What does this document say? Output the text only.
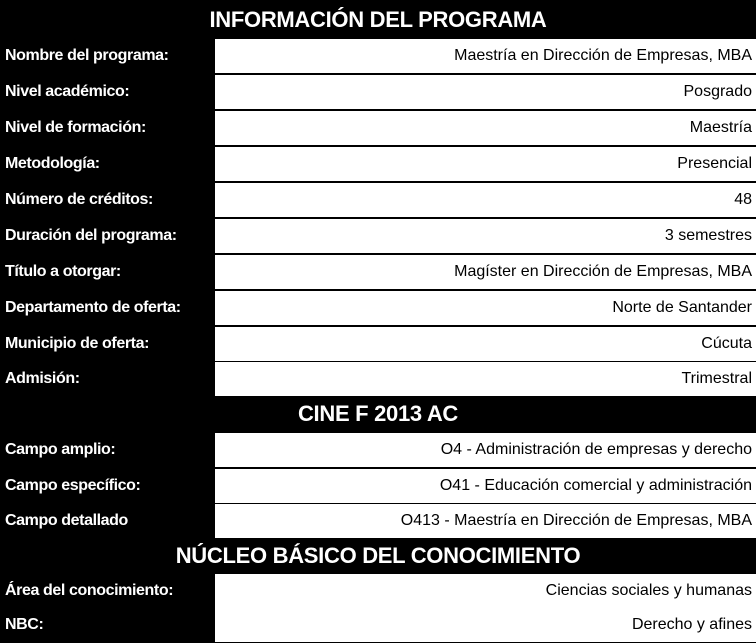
INFORMACIÓN DEL PROGRAMA
Nombre del programa:	Maestría en Dirección de Empresas, MBA
Nivel académico:	Posgrado
Nivel de formación:	Maestría
Metodología:	Presencial
Número de créditos:	48
Duración del programa:	3 semestres
Título a otorgar:	Magíster en Dirección de Empresas, MBA
Departamento de oferta:	Norte de Santander
Municipio de oferta:	Cúcuta
Admisión:	Trimestral
CINE F 2013 AC
Campo amplio:	O4 - Administración de empresas y derecho
Campo específico:	O41 - Educación comercial y administración
Campo detallado	O413 - Maestría en Dirección de Empresas, MBA
NÚCLEO BÁSICO DEL CONOCIMIENTO
Área del conocimiento:	Ciencias sociales y humanas
NBC:	Derecho y afines
